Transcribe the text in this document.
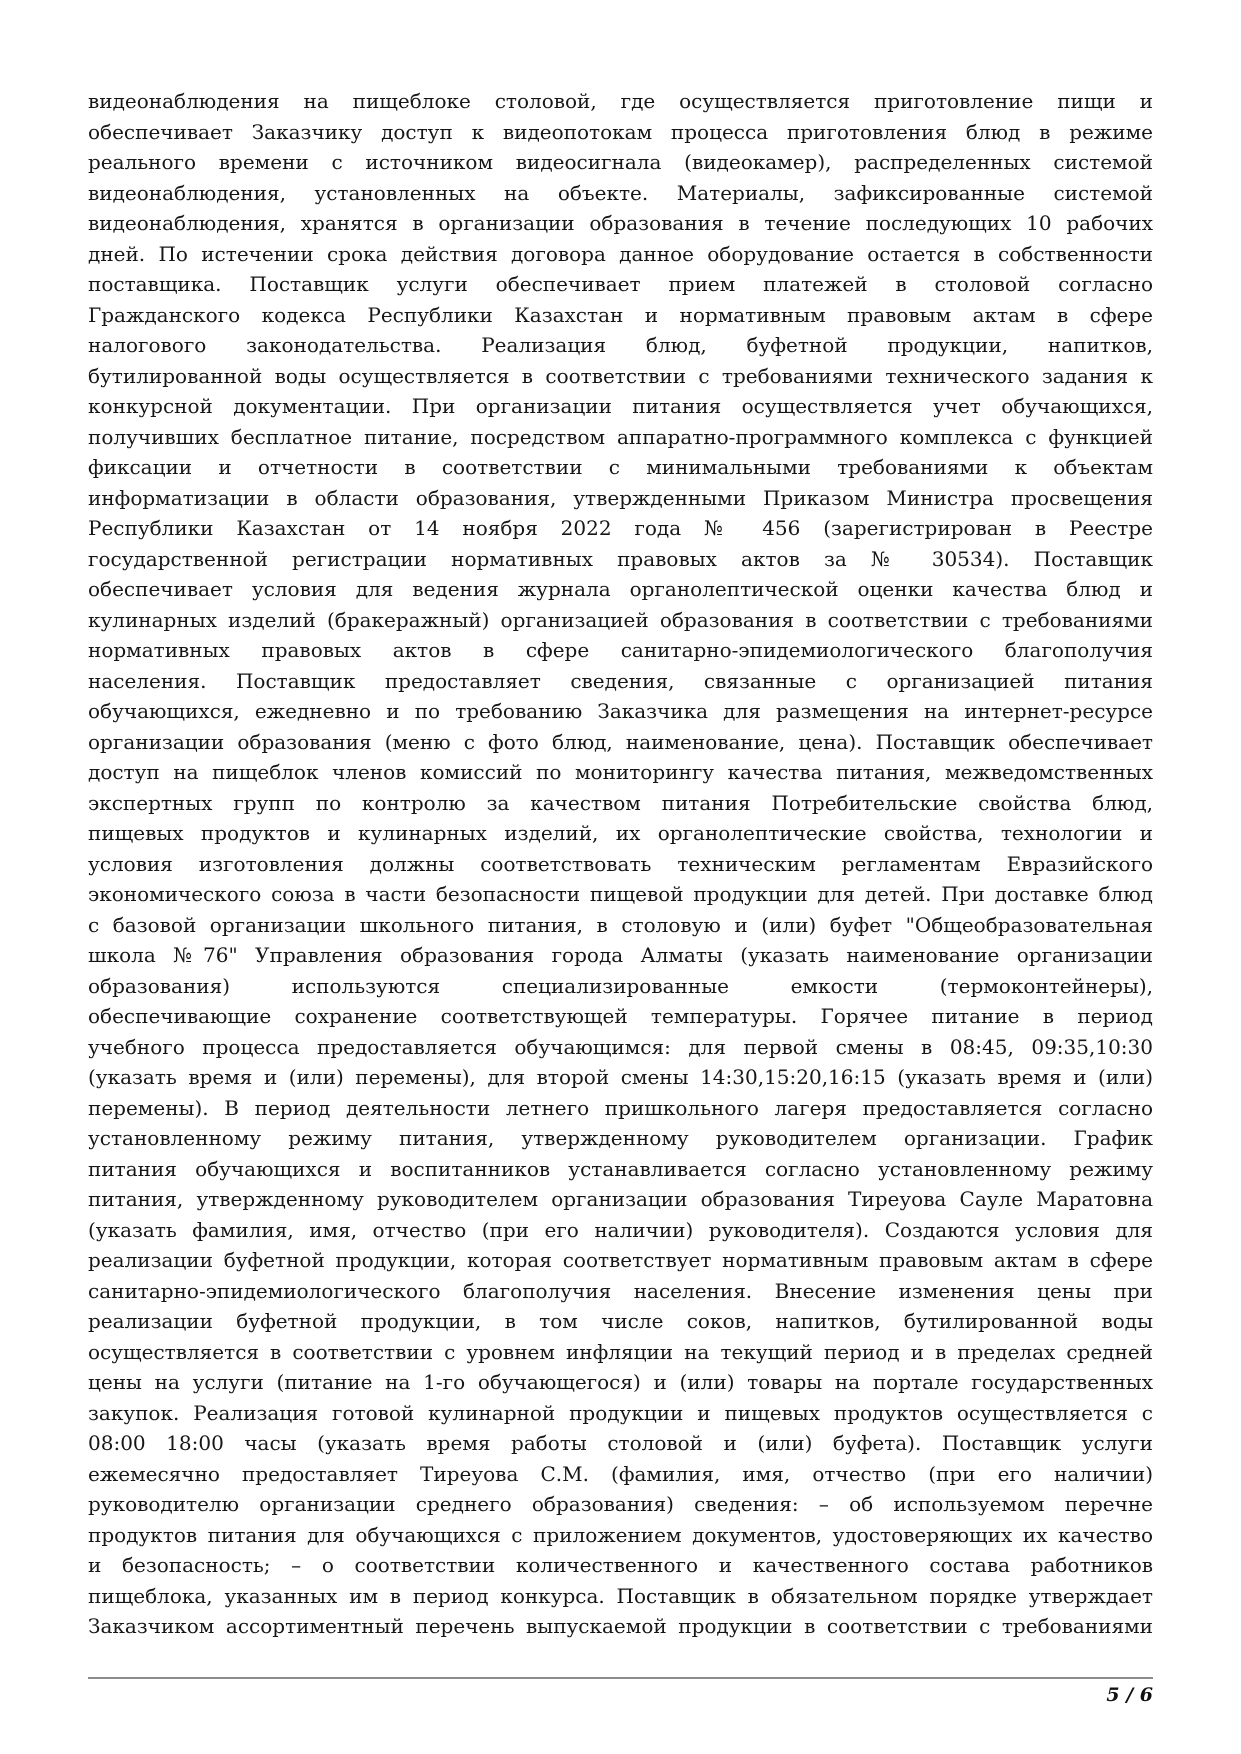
видеонаблюдения на пищеблоке столовой, где осуществляется приготовление пищи и
обеспечивает Заказчику доступ к видеопотокам процесса приготовления блюд в режиме
реального времени с источником видеосигнала (видеокамер), распределенных системой
видеонаблюдения, установленных на объекте. Материалы, зафиксированные системой
видеонаблюдения, хранятся в организации образования в течение последующих 10 рабочих
дней. По истечении срока действия договора данное оборудование остается в собственности
поставщика. Поставщик услуги обеспечивает прием платежей в столовой согласно
Гражданского кодекса Республики Казахстан и нормативным правовым актам в сфере
налогового законодательства. Реализация блюд, буфетной продукции, напитков,
бутилированной воды осуществляется в соответствии с требованиями технического задания к
конкурсной документации. При организации питания осуществляется учет обучающихся,
получивших бесплатное питание, посредством аппаратно-программного комплекса с функцией
фиксации и отчетности в соответствии с минимальными требованиями к объектам
информатизации в области образования, утвержденными Приказом Министра просвещения
Республики Казахстан от 14 ноября 2022 года № 456 (зарегистрирован в Реестре
государственной регистрации нормативных правовых актов за № 30534). Поставщик
обеспечивает условия для ведения журнала органолептической оценки качества блюд и
кулинарных изделий (бракеражный) организацией образования в соответствии с требованиями
нормативных правовых актов в сфере санитарно-эпидемиологического благополучия
населения. Поставщик предоставляет сведения, связанные с организацией питания
обучающихся, ежедневно и по требованию Заказчика для размещения на интернет-ресурсе
организации образования (меню с фото блюд, наименование, цена). Поставщик обеспечивает
доступ на пищеблок членов комиссий по мониторингу качества питания, межведомственных
экспертных групп по контролю за качеством питания Потребительские свойства блюд,
пищевых продуктов и кулинарных изделий, их органолептические свойства, технологии и
условия изготовления должны соответствовать техническим регламентам Евразийского
экономического союза в части безопасности пищевой продукции для детей. При доставке блюд
с базовой организации школьного питания, в столовую и (или) буфет "Общеобразовательная
школа №76" Управления образования города Алматы (указать наименование организации
образования) используются специализированные емкости (термоконтейнеры),
обеспечивающие сохранение соответствующей температуры. Горячее питание в период
учебного процесса предоставляется обучающимся: для первой смены в 08:45, 09:35,10:30
(указать время и (или) перемены), для второй смены 14:30,15:20,16:15 (указать время и (или)
перемены). В период деятельности летнего пришкольного лагеря предоставляется согласно
установленному режиму питания, утвержденному руководителем организации. График
питания обучающихся и воспитанников устанавливается согласно установленному режиму
питания, утвержденному руководителем организации образования Тиреуова Сауле Маратовна
(указать фамилия, имя, отчество (при его наличии) руководителя). Создаются условия для
реализации буфетной продукции, которая соответствует нормативным правовым актам в сфере
санитарно-эпидемиологического благополучия населения. Внесение изменения цены при
реализации буфетной продукции, в том числе соков, напитков, бутилированной воды
осуществляется в соответствии с уровнем инфляции на текущий период и в пределах средней
цены на услуги (питание на 1-го обучающегося) и (или) товары на портале государственных
закупок. Реализация готовой кулинарной продукции и пищевых продуктов осуществляется с
08:00 18:00 часы (указать время работы столовой и (или) буфета). Поставщик услуги
ежемесячно предоставляет Тиреуова С.М. (фамилия, имя, отчество (при его наличии)
руководителю организации среднего образования) сведения: – об используемом перечне
продуктов питания для обучающихся с приложением документов, удостоверяющих их качество
и безопасность; – о соответствии количественного и качественного состава работников
пищеблока, указанных им в период конкурса. Поставщик в обязательном порядке утверждает
Заказчиком ассортиментный перечень выпускаемой продукции в соответствии с требованиями
5 / 6
